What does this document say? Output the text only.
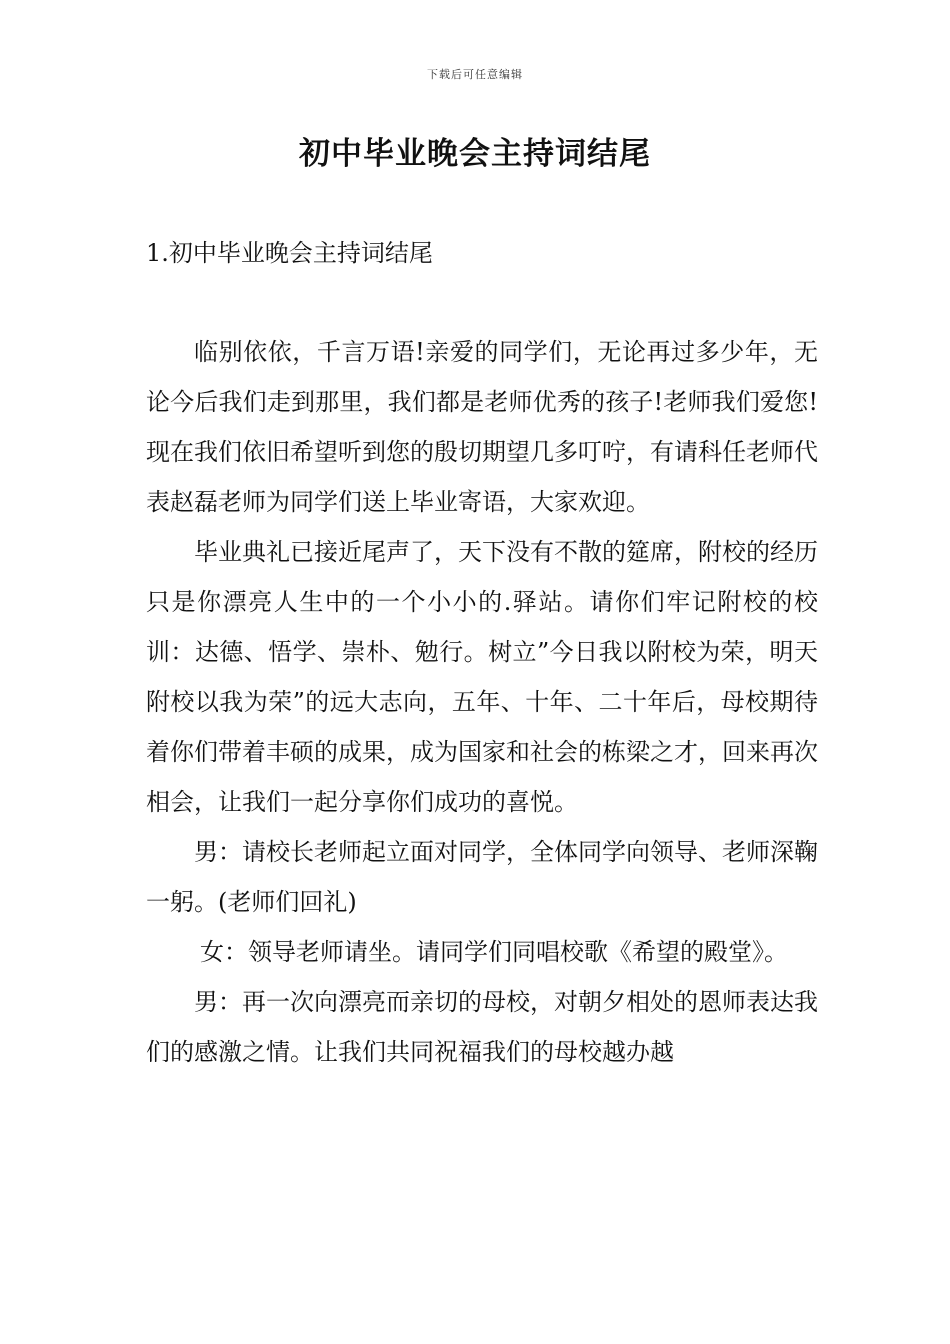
下载后可任意编辑
初中毕业晚会主持词结尾
1.初中毕业晚会主持词结尾

临别依依，千言万语!亲爱的同学们，无论再过多少年，无论今后我们走到那里，我们都是老师优秀的孩子!老师我们爱您!现在我们依旧希望听到您的殷切期望几多叮咛，有请科任老师代表赵磊老师为同学们送上毕业寄语，大家欢迎。

毕业典礼已接近尾声了，天下没有不散的筵席，附校的经历只是你漂亮人生中的一个小小的.驿站。请你们牢记附校的校训：达德、悟学、崇朴、勉行。树立”今日我以附校为荣，明天附校以我为荣”的远大志向，五年、十年、二十年后，母校期待着你们带着丰硕的成果，成为国家和社会的栋梁之才，回来再次相会，让我们一起分享你们成功的喜悦。

男：请校长老师起立面对同学，全体同学向领导、老师深鞠一躬。(老师们回礼)

女：领导老师请坐。请同学们同唱校歌《希望的殿堂》。

男：再一次向漂亮而亲切的母校，对朝夕相处的恩师表达我们的感激之情。让我们共同祝福我们的母校越办越
